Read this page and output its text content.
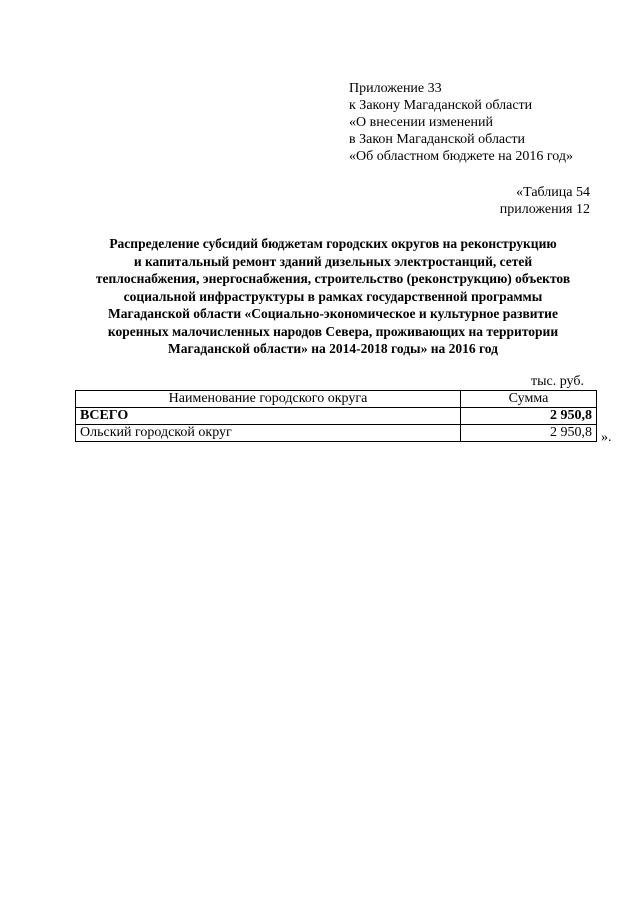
Приложение 33
к Закону Магаданской области
«О внесении изменений
в Закон Магаданской области
«Об областном бюджете на 2016 год»
«Таблица 54
приложения 12
Распределение субсидий бюджетам городских округов на реконструкцию
и капитальный ремонт зданий дизельных электростанций, сетей
теплоснабжения, энергоснабжения, строительство (реконструкцию) объектов
социальной инфраструктуры в рамках государственной программы
Магаданской области «Социально-экономическое и культурное развитие
коренных малочисленных народов Севера, проживающих на территории
Магаданской области» на 2014-2018 годы» на 2016 год
тыс. руб.
Наименование городского округа	Сумма
ВСЕГО	2 950,8
Ольский городской округ	2 950,8 ».
